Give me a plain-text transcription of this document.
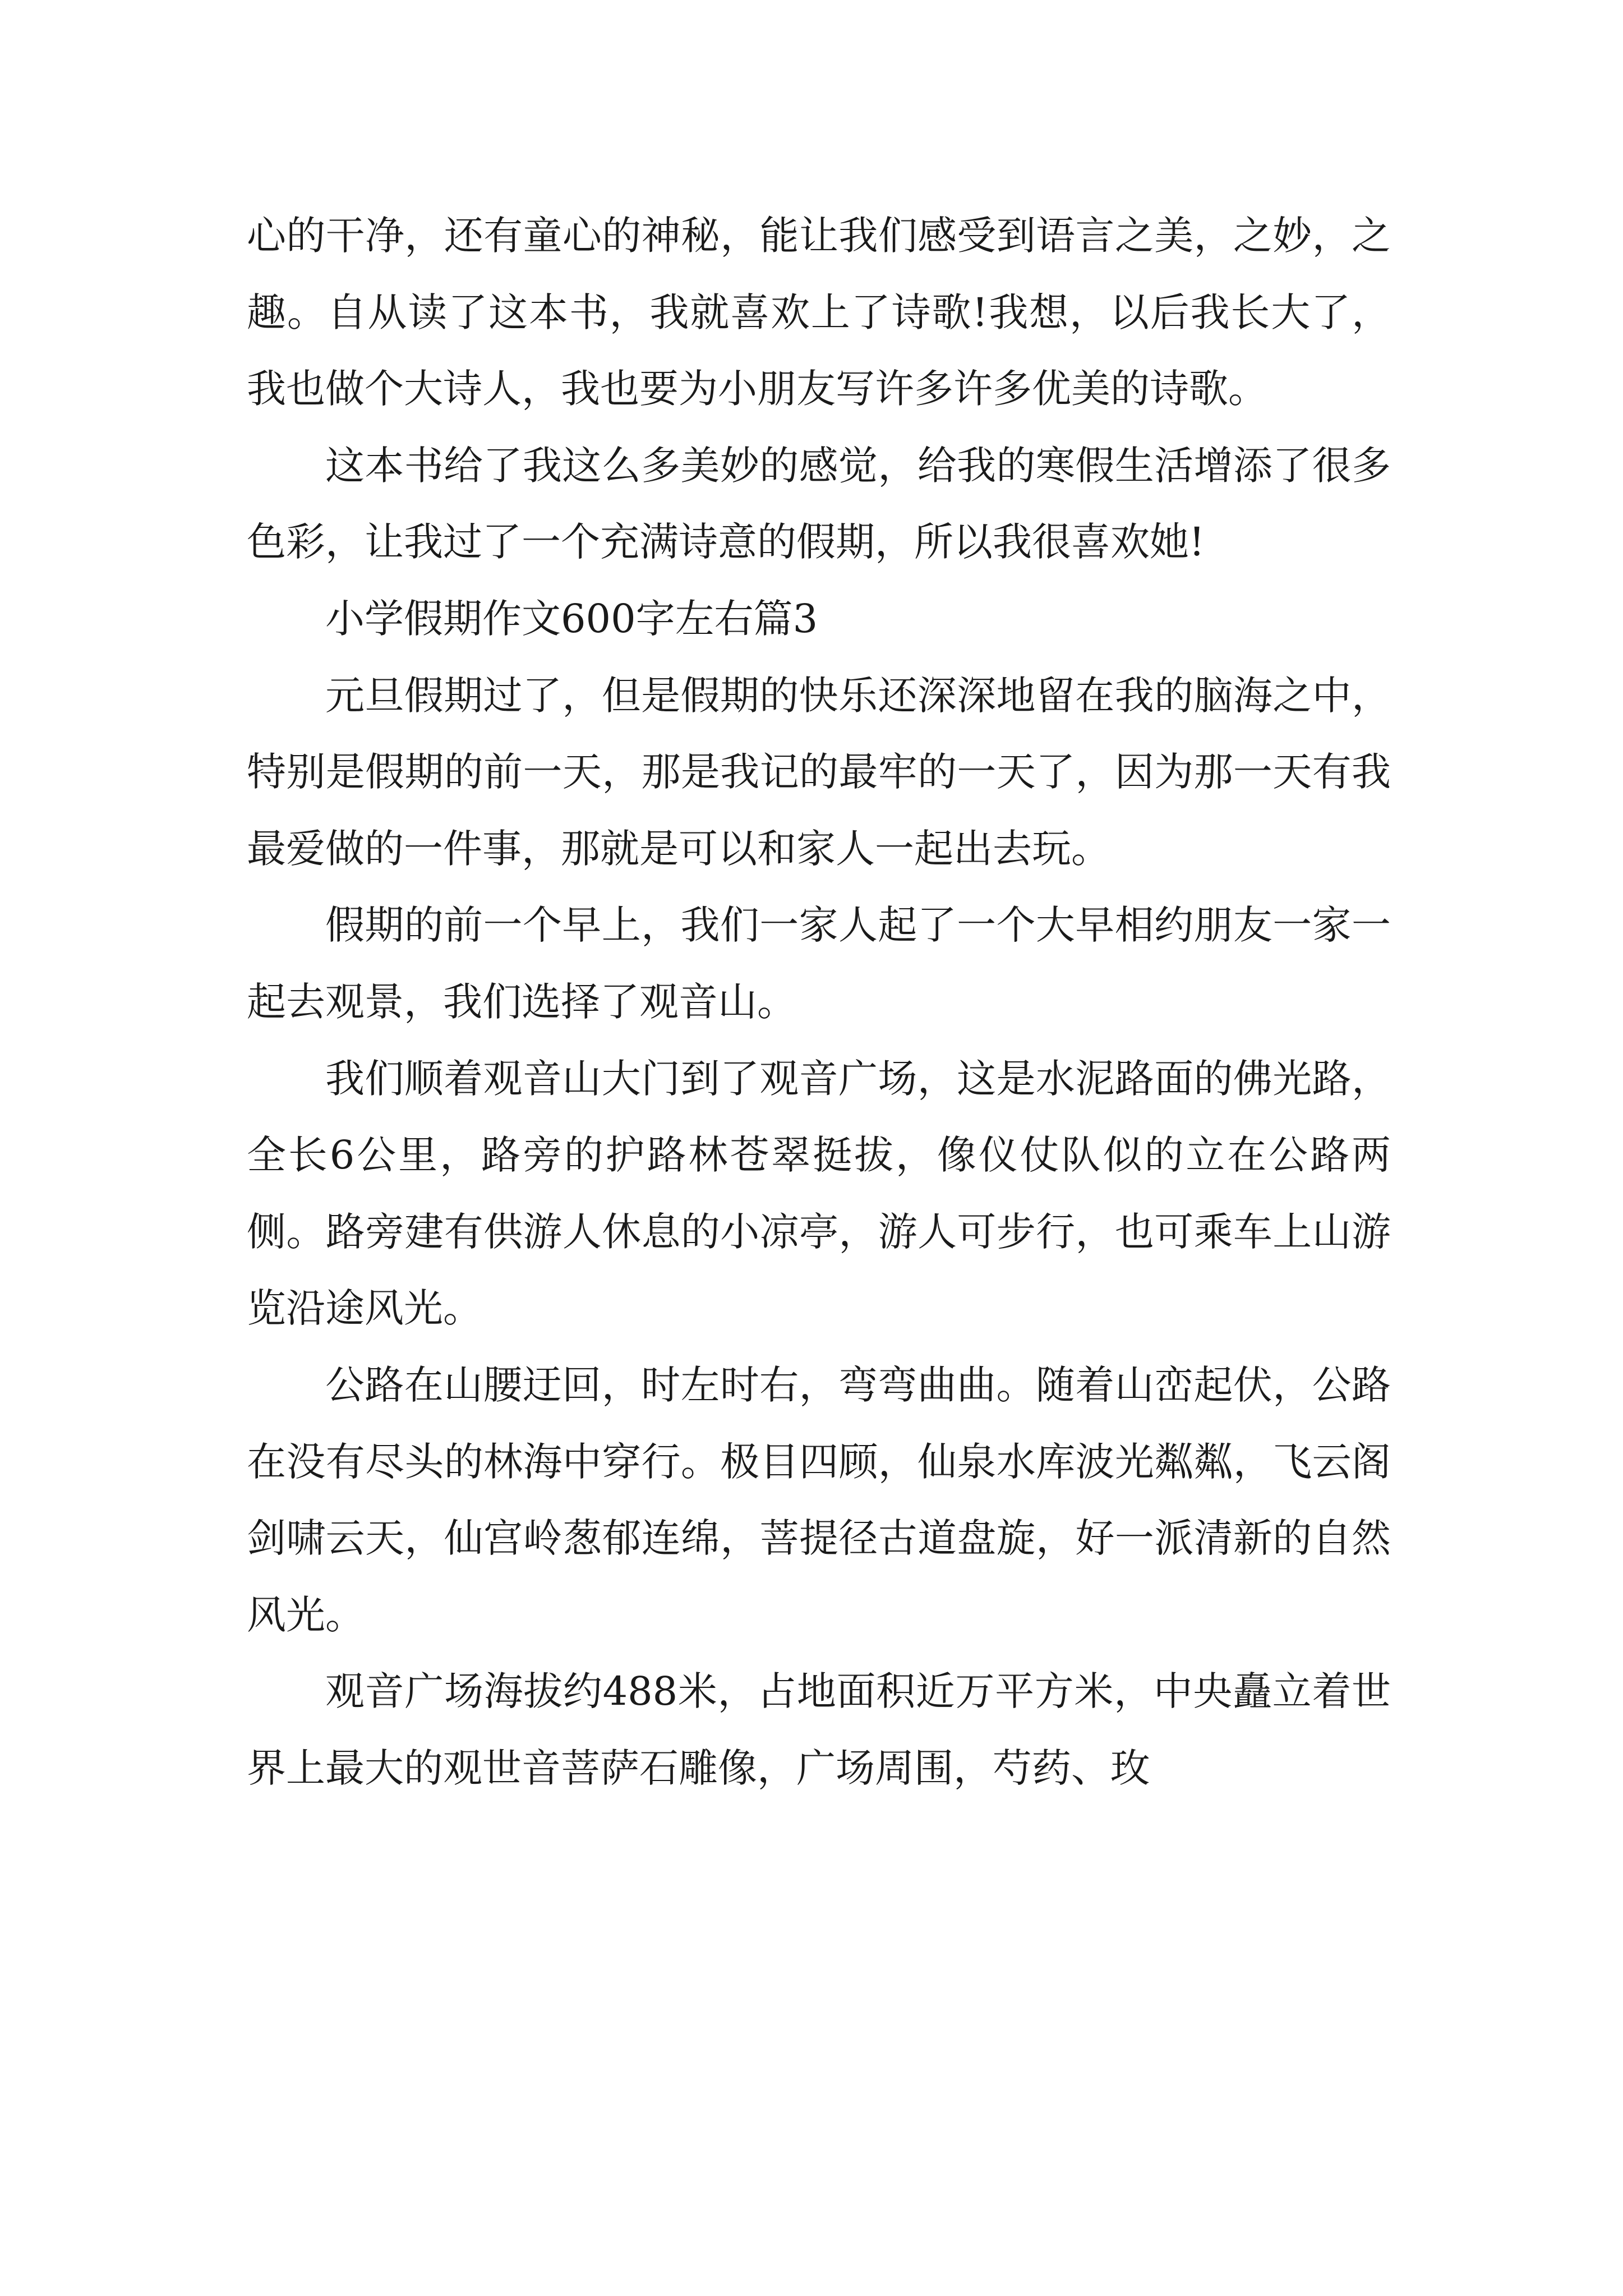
心的干净，还有童心的神秘，能让我们感受到语言之美，之妙，之趣。自从读了这本书，我就喜欢上了诗歌!我想，以后我长大了，我也做个大诗人，我也要为小朋友写许多许多优美的诗歌。

这本书给了我这么多美妙的感觉，给我的寒假生活增添了很多色彩，让我过了一个充满诗意的假期，所以我很喜欢她!

小学假期作文600字左右篇3

元旦假期过了，但是假期的快乐还深深地留在我的脑海之中，特别是假期的前一天，那是我记的最牢的一天了，因为那一天有我最爱做的一件事，那就是可以和家人一起出去玩。

假期的前一个早上，我们一家人起了一个大早相约朋友一家一起去观景，我们选择了观音山。

我们顺着观音山大门到了观音广场，这是水泥路面的佛光路，全长6公里，路旁的护路林苍翠挺拔，像仪仗队似的立在公路两侧。路旁建有供游人休息的小凉亭，游人可步行，也可乘车上山游览沿途风光。

公路在山腰迂回，时左时右，弯弯曲曲。随着山峦起伏，公路在没有尽头的林海中穿行。极目四顾，仙泉水库波光粼粼，飞云阁剑啸云天，仙宫岭葱郁连绵，菩提径古道盘旋，好一派清新的自然风光。

观音广场海拔约488米，占地面积近万平方米，中央矗立着世界上最大的观世音菩萨石雕像，广场周围，芍药、玫
